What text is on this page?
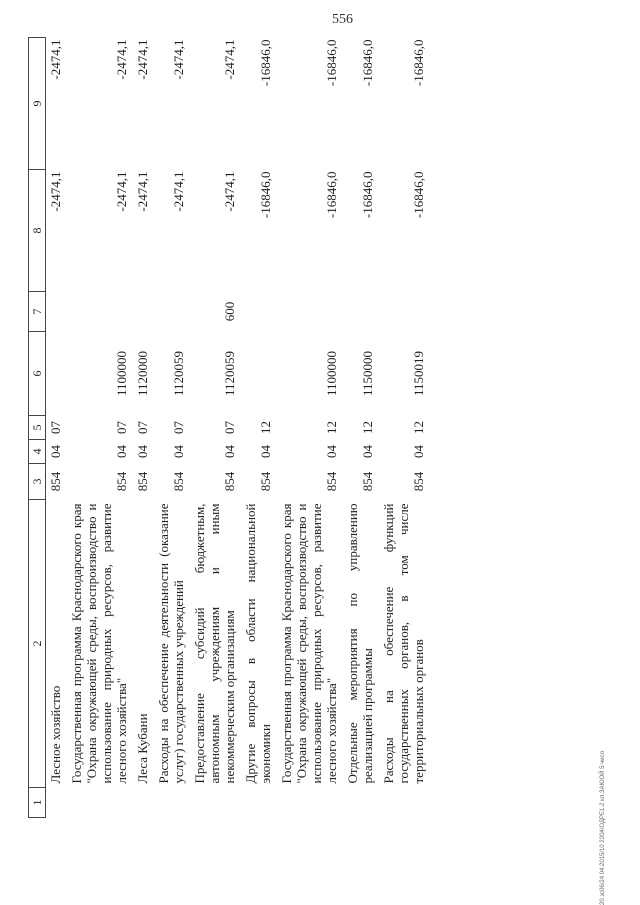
556
20 зс06/24 04.2015/10 2204/ОДРЕ1.2 кл.ЗАЮОЙ 5 чисо
1	2	3	4	5	6	7	8	9
	Лесное хозяйство	854	04	07			-2474,1	-2474,1
	Государственная программа Краснодарского края "Охрана окружающей среды, воспроизводство и использование природных ресурсов, развитие лесного хозяйства"	854	04	07	1100000		-2474,1	-2474,1
	Леса Кубани	854	04	07	1120000		-2474,1	-2474,1
	Расходы на обеспечение деятельности (оказание услуг) государственных учреждений	854	04	07	1120059		-2474,1	-2474,1
	Предоставление субсидий бюджетным, автономным учреждениям и иным некоммерческим организациям	854	04	07	1120059	600	-2474,1	-2474,1
	Другие вопросы в области национальной экономики	854	04	12			-16846,0	-16846,0
	Государственная программа Краснодарского края "Охрана окружающей среды, воспроизводство и использование природных ресурсов, развитие лесного хозяйства"	854	04	12	1100000		-16846,0	-16846,0
	Отдельные мероприятия по управлению реализацией программы	854	04	12	1150000		-16846,0	-16846,0
	Расходы на обеспечение функций государственных органов, в том числе территориальных органов	854	04	12	1150019		-16846,0	-16846,0
